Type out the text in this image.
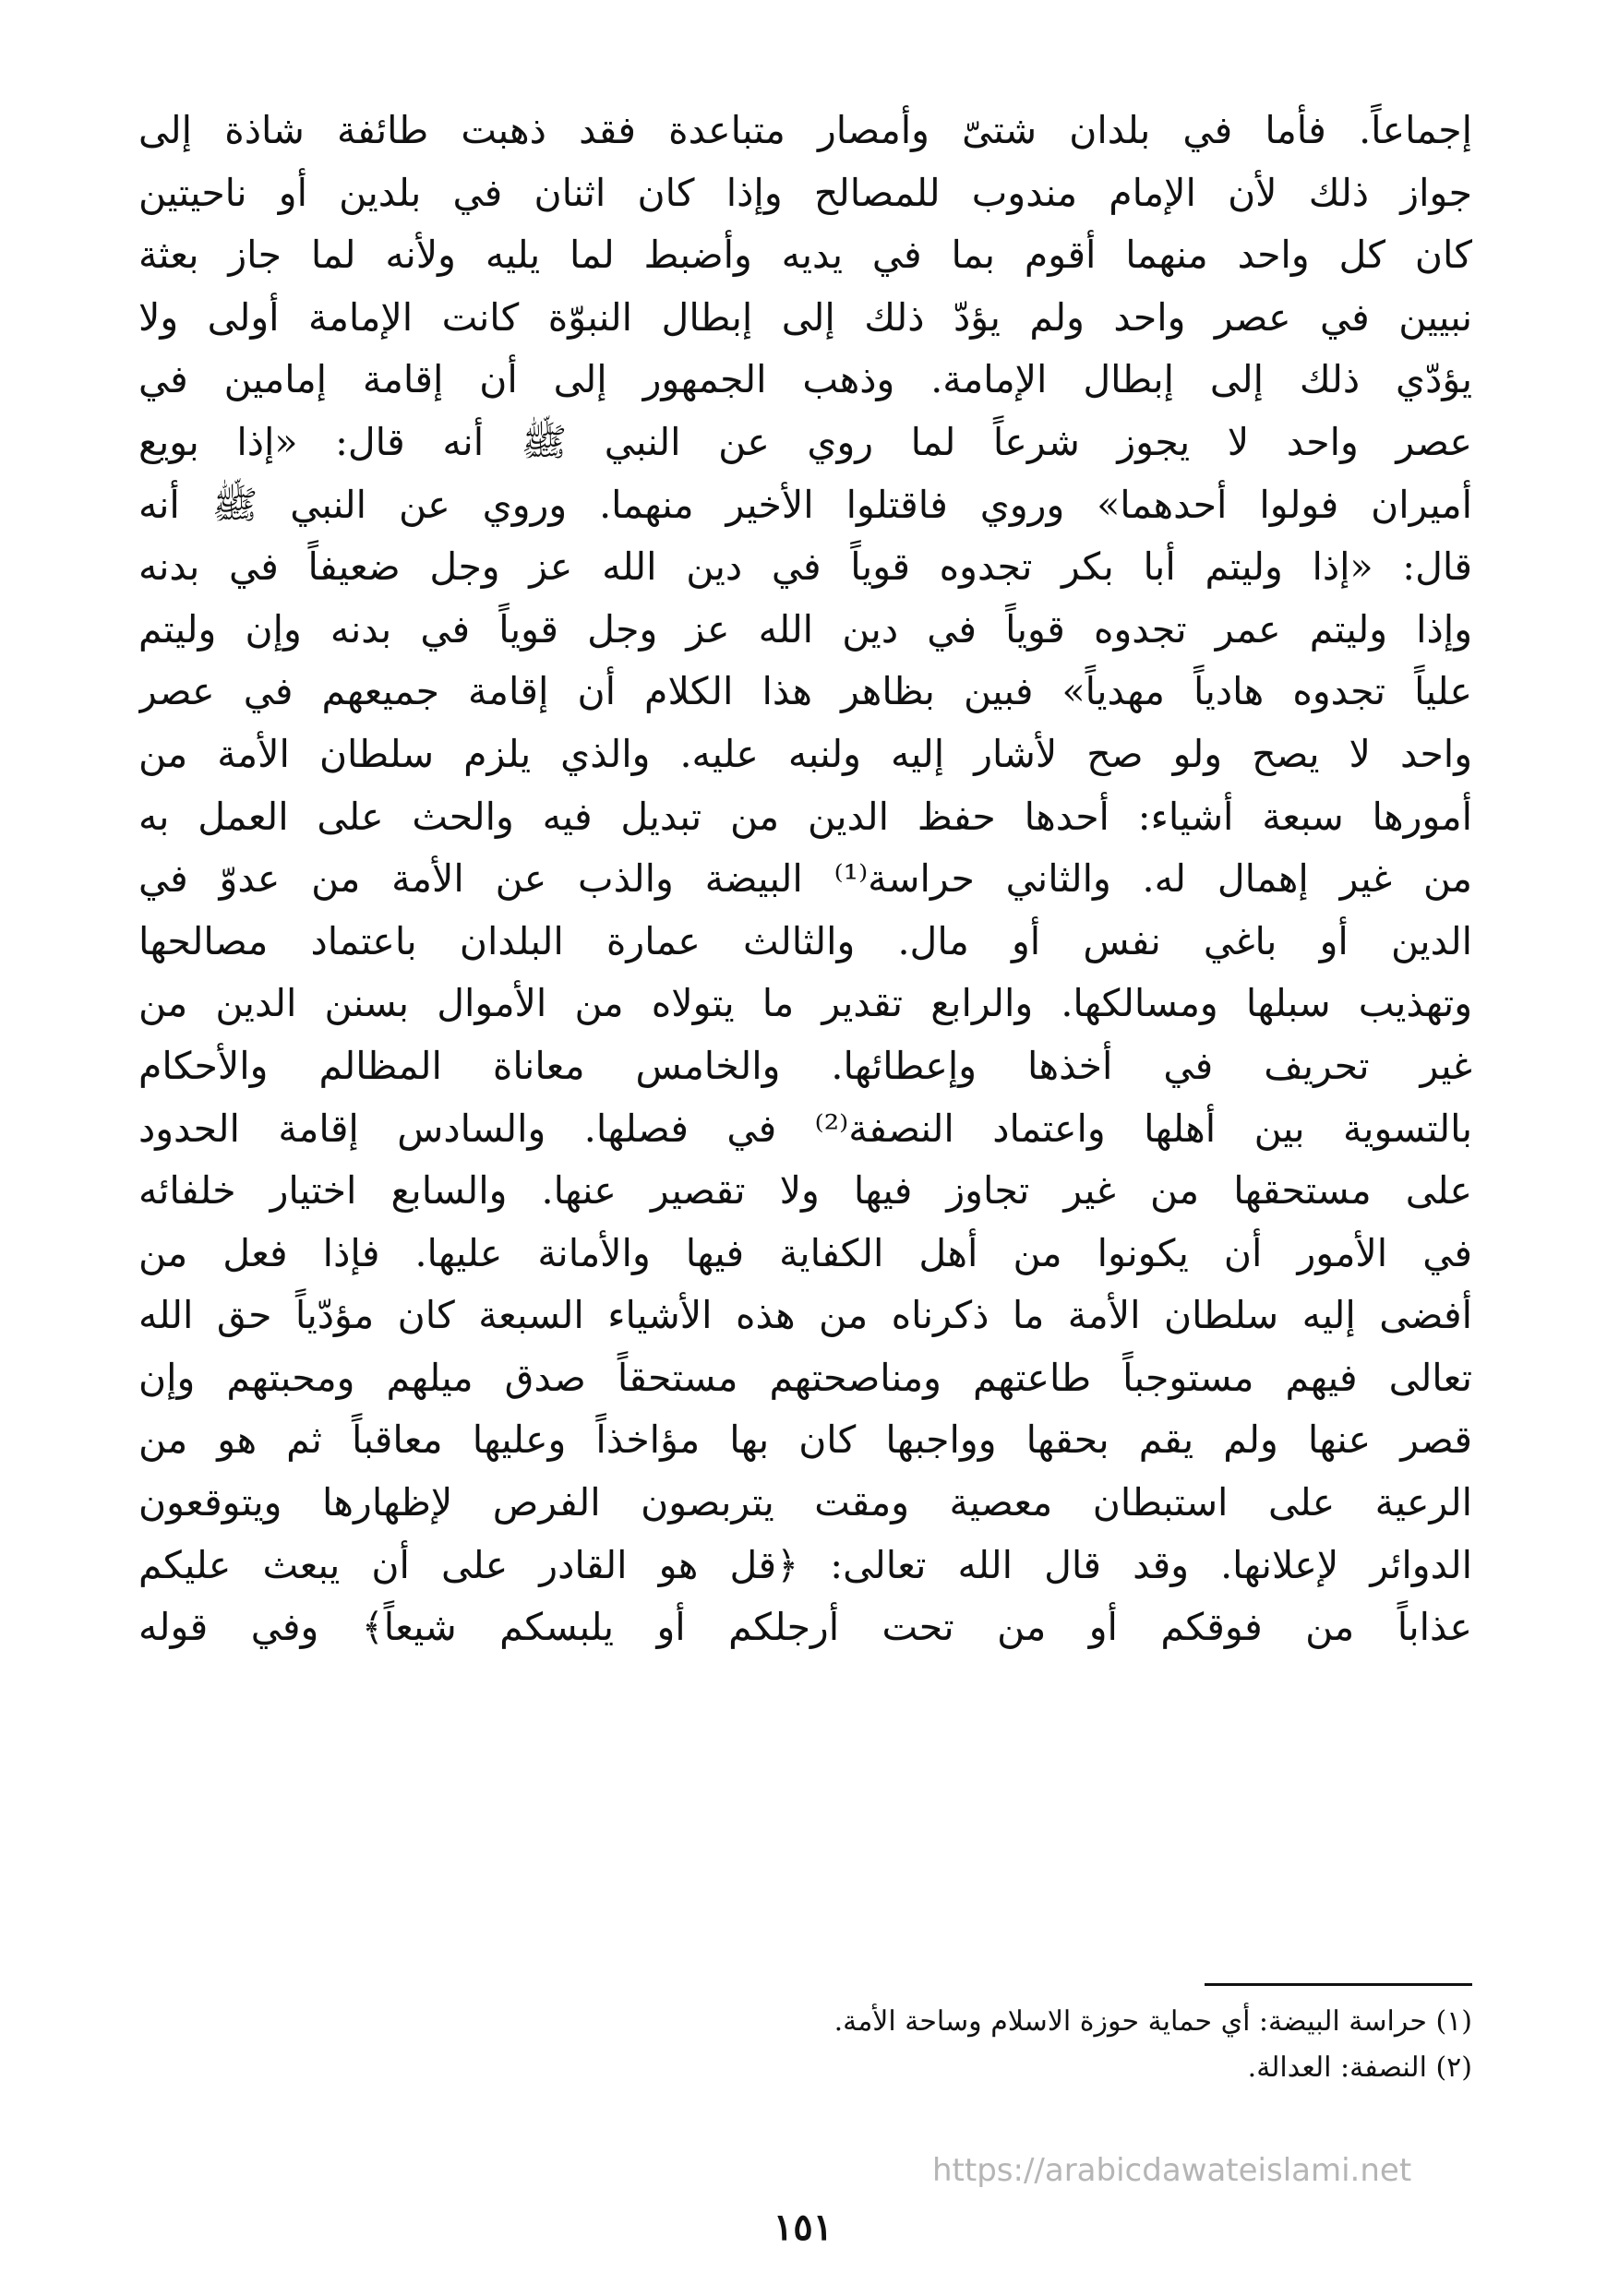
إجماعاً. فأما في بلدان شتىّ وأمصار متباعدة فقد ذهبت طائفة شاذة إلى
جواز ذلك لأن الإمام مندوب للمصالح وإذا كان اثنان في بلدين أو ناحيتين
كان كل واحد منهما أقوم بما في يديه وأضبط لما يليه ولأنه لما جاز بعثة
نبيين في عصر واحد ولم يؤدّ ذلك إلى إبطال النبوّة كانت الإمامة أولى ولا
يؤدّي ذلك إلى إبطال الإمامة. وذهب الجمهور إلى أن إقامة إمامين في
عصر واحد لا يجوز شرعاً لما روي عن النبي ﷺ أنه قال: «إذا بويع
أميران فولوا أحدهما» وروي فاقتلوا الأخير منهما. وروي عن النبي ﷺ أنه
قال: «إذا وليتم أبا بكر تجدوه قوياً في دين الله عز وجل ضعيفاً في بدنه
وإذا وليتم عمر تجدوه قوياً في دين الله عز وجل قوياً في بدنه وإن وليتم
علياً تجدوه هادياً مهدياً» فبين بظاهر هذا الكلام أن إقامة جميعهم في عصر
واحد لا يصح ولو صح لأشار إليه ولنبه عليه. والذي يلزم سلطان الأمة من
أمورها سبعة أشياء: أحدها حفظ الدين من تبديل فيه والحث على العمل به
من غير إهمال له. والثاني حراسة⁽¹⁾ البيضة والذب عن الأمة من عدوّ في
الدين أو باغي نفس أو مال. والثالث عمارة البلدان باعتماد مصالحها
وتهذيب سبلها ومسالكها. والرابع تقدير ما يتولاه من الأموال بسنن الدين من
غير تحريف في أخذها وإعطائها. والخامس معاناة المظالم والأحكام
بالتسوية بين أهلها واعتماد النصفة⁽²⁾ في فصلها. والسادس إقامة الحدود
على مستحقها من غير تجاوز فيها ولا تقصير عنها. والسابع اختيار خلفائه
في الأمور أن يكونوا من أهل الكفاية فيها والأمانة عليها. فإذا فعل من
أفضى إليه سلطان الأمة ما ذكرناه من هذه الأشياء السبعة كان مؤدّياً حق الله
تعالى فيهم مستوجباً طاعتهم ومناصحتهم مستحقاً صدق ميلهم ومحبتهم وإن
قصر عنها ولم يقم بحقها وواجبها كان بها مؤاخذاً وعليها معاقباً ثم هو من
الرعية على استبطان معصية ومقت يتربصون الفرص لإظهارها ويتوقعون
الدوائر لإعلانها. وقد قال الله تعالى: ﴿قل هو القادر على أن يبعث عليكم
عذاباً من فوقكم أو من تحت أرجلكم أو يلبسكم شيعاً﴾ وفي قوله
(١) حراسة البيضة: أي حماية حوزة الاسلام وساحة الأمة.
(٢) النصفة: العدالة.
https://arabicdawateislami.net
١٥١
